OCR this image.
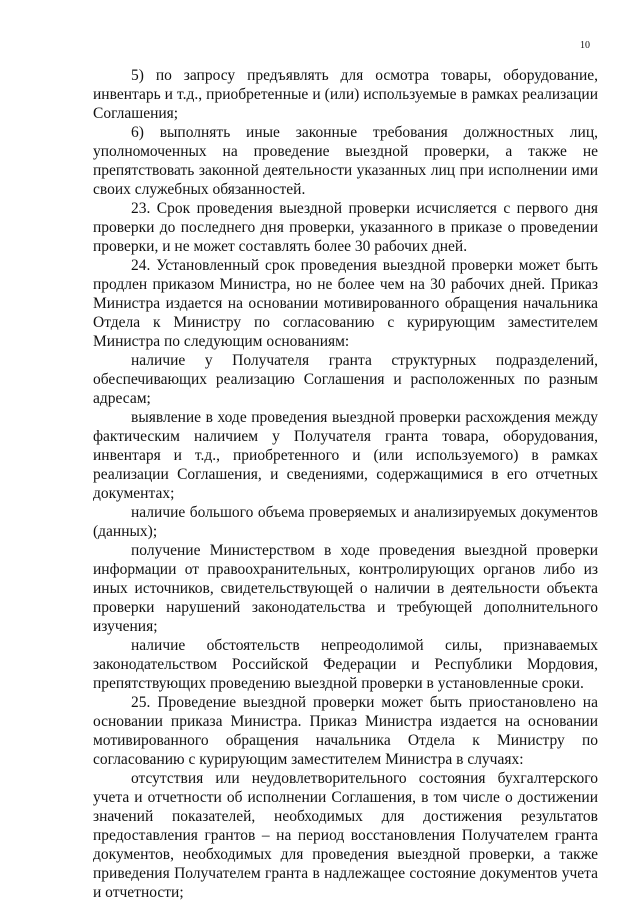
10

5) по запросу предъявлять для осмотра товары, оборудование, инвентарь и т.д., приобретенные и (или) используемые в рамках реализации Соглашения;

6) выполнять иные законные требования должностных лиц, уполномоченных на проведение выездной проверки, а также не препятствовать законной деятельности указанных лиц при исполнении ими своих служебных обязанностей.

23. Срок проведения выездной проверки исчисляется с первого дня проверки до последнего дня проверки, указанного в приказе о проведении проверки, и не может составлять более 30 рабочих дней.

24. Установленный срок проведения выездной проверки может быть продлен приказом Министра, но не более чем на 30 рабочих дней. Приказ Министра издается на основании мотивированного обращения начальника Отдела к Министру по согласованию с курирующим заместителем Министра по следующим основаниям:

наличие у Получателя гранта структурных подразделений, обеспечивающих реализацию Соглашения и расположенных по разным адресам;

выявление в ходе проведения выездной проверки расхождения между фактическим наличием у Получателя гранта товара, оборудования, инвентаря и т.д., приобретенного и (или используемого) в рамках реализации Соглашения, и сведениями, содержащимися в его отчетных документах;

наличие большого объема проверяемых и анализируемых документов (данных);

получение Министерством в ходе проведения выездной проверки информации от правоохранительных, контролирующих органов либо из иных источников, свидетельствующей о наличии в деятельности объекта проверки нарушений законодательства и требующей дополнительного изучения;

наличие обстоятельств непреодолимой силы, признаваемых законодательством Российской Федерации и Республики Мордовия, препятствующих проведению выездной проверки в установленные сроки.

25. Проведение выездной проверки может быть приостановлено на основании приказа Министра. Приказ Министра издается на основании мотивированного обращения начальника Отдела к Министру по согласованию с курирующим заместителем Министра в случаях:

отсутствия или неудовлетворительного состояния бухгалтерского учета и отчетности об исполнении Соглашения, в том числе о достижении значений показателей, необходимых для достижения результатов предоставления грантов – на период восстановления Получателем гранта документов, необходимых для проведения выездной проверки, а также приведения Получателем гранта в надлежащее состояние документов учета и отчетности;
